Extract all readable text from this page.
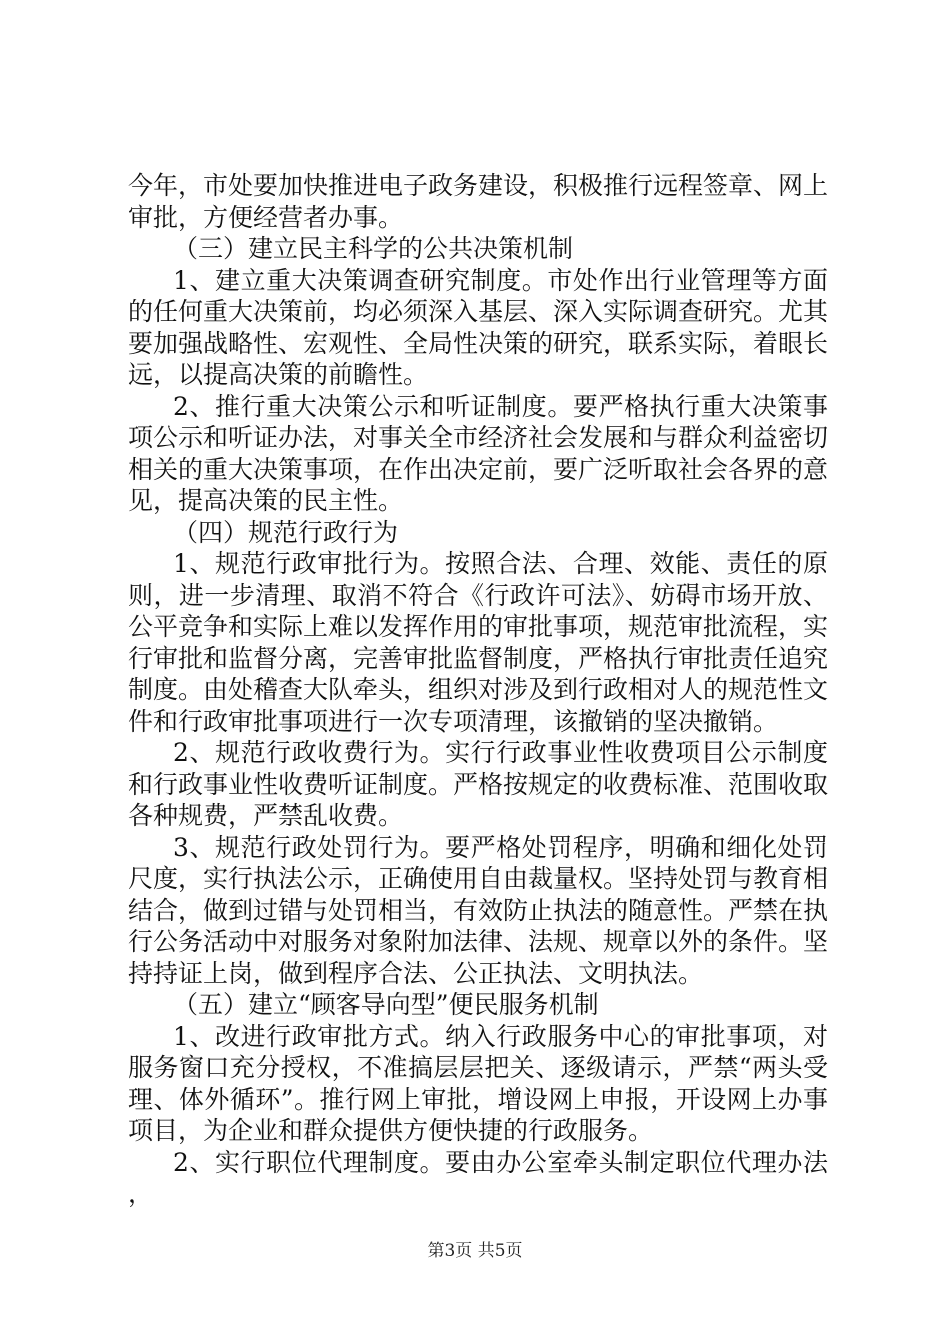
今年，市处要加快推进电子政务建设，积极推行远程签章、网上审批，方便经营者办事。

（三）建立民主科学的公共决策机制

1、建立重大决策调查研究制度。市处作出行业管理等方面的任何重大决策前，均必须深入基层、深入实际调查研究。尤其要加强战略性、宏观性、全局性决策的研究，联系实际，着眼长远，以提高决策的前瞻性。

2、推行重大决策公示和听证制度。要严格执行重大决策事项公示和听证办法，对事关全市经济社会发展和与群众利益密切相关的重大决策事项，在作出决定前，要广泛听取社会各界的意见，提高决策的民主性。

（四）规范行政行为

1、规范行政审批行为。按照合法、合理、效能、责任的原则，进一步清理、取消不符合《行政许可法》、妨碍市场开放、公平竞争和实际上难以发挥作用的审批事项，规范审批流程，实行审批和监督分离，完善审批监督制度，严格执行审批责任追究制度。由处稽查大队牵头，组织对涉及到行政相对人的规范性文件和行政审批事项进行一次专项清理，该撤销的坚决撤销。

2、规范行政收费行为。实行行政事业性收费项目公示制度和行政事业性收费听证制度。严格按规定的收费标准、范围收取各种规费，严禁乱收费。

3、规范行政处罚行为。要严格处罚程序，明确和细化处罚尺度，实行执法公示，正确使用自由裁量权。坚持处罚与教育相结合，做到过错与处罚相当，有效防止执法的随意性。严禁在执行公务活动中对服务对象附加法律、法规、规章以外的条件。坚持持证上岗，做到程序合法、公正执法、文明执法。

（五）建立“顾客导向型”便民服务机制

1、改进行政审批方式。纳入行政服务中心的审批事项，对服务窗口充分授权，不准搞层层把关、逐级请示，严禁“两头受理、体外循环”。推行网上审批，增设网上申报，开设网上办事项目，为企业和群众提供方便快捷的行政服务。

2、实行职位代理制度。要由办公室牵头制定职位代理办法，

第3页 共5页
